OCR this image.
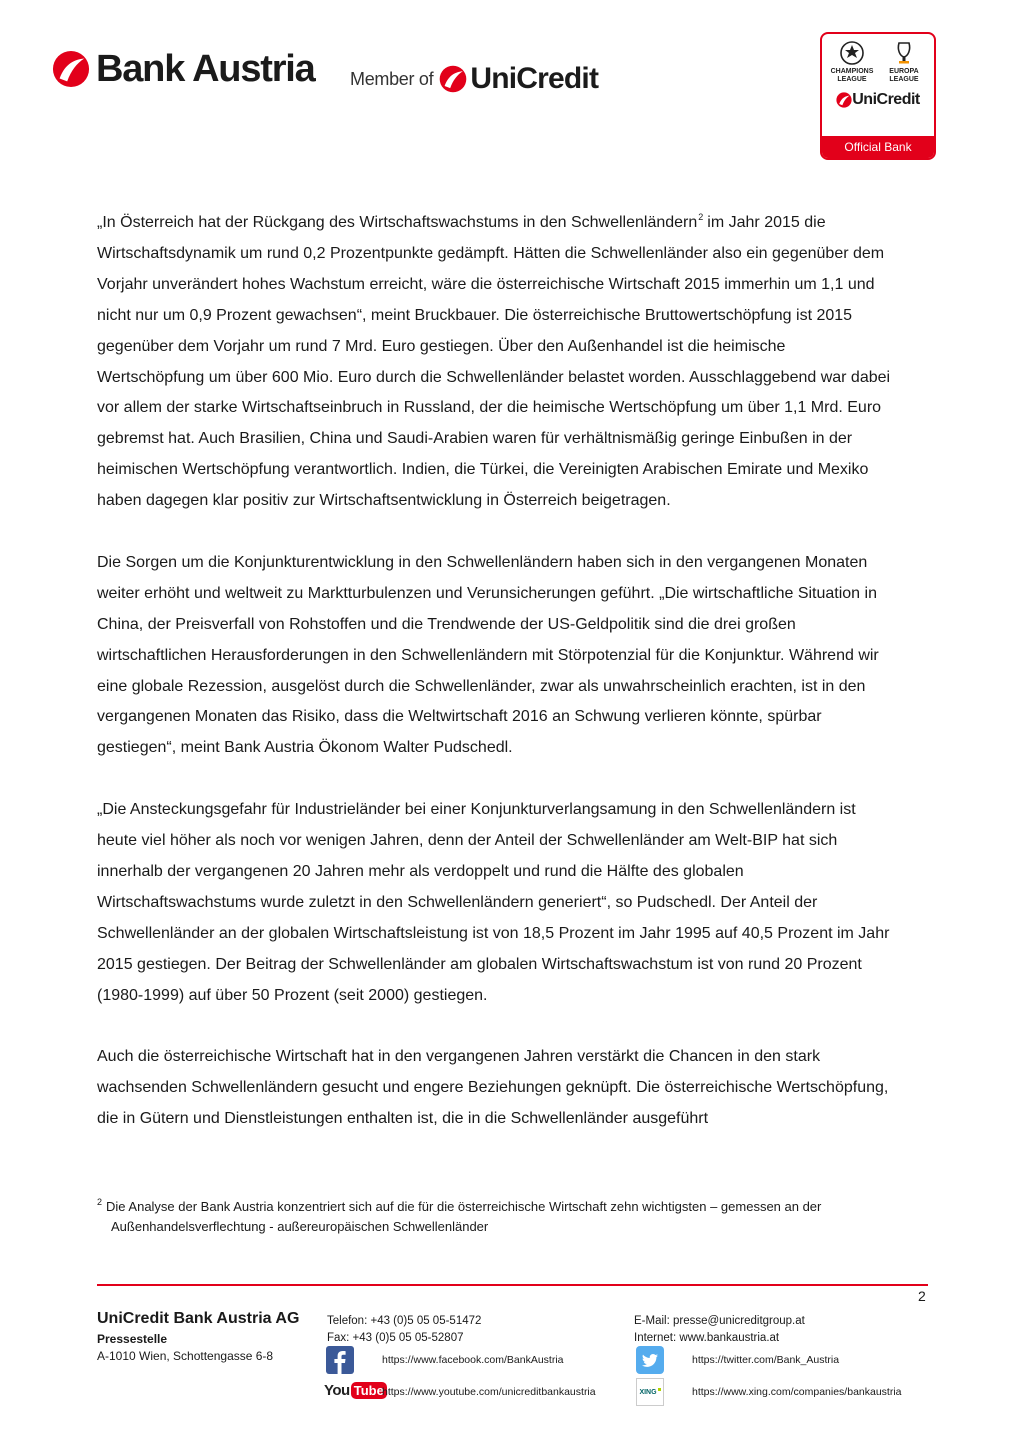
Bank Austria Member of UniCredit	CHAMPIONS
LEAGUE
EUROPA
LEAGUE
UniCredit
Official Bank

„In Österreich hat der Rückgang des Wirtschaftswachstums in den Schwellenländern$^2$ im Jahr 2015 die Wirtschaftsdynamik um rund 0,2 Prozentpunkte gedämpft. Hätten die Schwellenländer also ein gegenüber dem Vorjahr unverändert hohes Wachstum erreicht, wäre die österreichische Wirtschaft 2015 immerhin um 1,1 und nicht nur um 0,9 Prozent gewachsen“, meint Bruckbauer. Die österreichische Bruttowertschöpfung ist 2015 gegenüber dem Vorjahr um rund 7 Mrd. Euro gestiegen. Über den Außenhandel ist die heimische Wertschöpfung um über 600 Mio. Euro durch die Schwellenländer belastet worden. Ausschlaggebend war dabei vor allem der starke Wirtschaftseinbruch in Russland, der die heimische Wertschöpfung um über 1,1 Mrd. Euro gebremst hat. Auch Brasilien, China und Saudi-Arabien waren für verhältnismäßig geringe Einbußen in der heimischen Wertschöpfung verantwortlich. Indien, die Türkei, die Vereinigten Arabischen Emirate und Mexiko haben dagegen klar positiv zur Wirtschaftsentwicklung in Österreich beigetragen.

Die Sorgen um die Konjunkturentwicklung in den Schwellenländern haben sich in den vergangenen Monaten weiter erhöht und weltweit zu Marktturbulenzen und Verunsicherungen geführt. „Die wirtschaftliche Situation in China, der Preisverfall von Rohstoffen und die Trendwende der US-Geldpolitik sind die drei großen wirtschaftlichen Herausforderungen in den Schwellenländern mit Störpotenzial für die Konjunktur. Während wir eine globale Rezession, ausgelöst durch die Schwellenländer, zwar als unwahrscheinlich erachten, ist in den vergangenen Monaten das Risiko, dass die Weltwirtschaft 2016 an Schwung verlieren könnte, spürbar gestiegen“, meint Bank Austria Ökonom Walter Pudschedl.

„Die Ansteckungsgefahr für Industrieländer bei einer Konjunkturverlangsamung in den Schwellenländern ist heute viel höher als noch vor wenigen Jahren, denn der Anteil der Schwellenländer am Welt-BIP hat sich innerhalb der vergangenen 20 Jahren mehr als verdoppelt und rund die Hälfte des globalen Wirtschaftswachstums wurde zuletzt in den Schwellenländern generiert“, so Pudschedl. Der Anteil der Schwellenländer an der globalen Wirtschaftsleistung ist von 18,5 Prozent im Jahr 1995 auf 40,5 Prozent im Jahr 2015 gestiegen. Der Beitrag der Schwellenländer am globalen Wirtschaftswachstum ist von rund 20 Prozent (1980-1999) auf über 50 Prozent (seit 2000) gestiegen.

Auch die österreichische Wirtschaft hat in den vergangenen Jahren verstärkt die Chancen in den stark wachsenden Schwellenländern gesucht und engere Beziehungen geknüpft. Die österreichische Wertschöpfung, die in Gütern und Dienstleistungen enthalten ist, die in die Schwellenländer ausgeführt

$^2$ Die Analyse der Bank Austria konzentriert sich auf die für die österreichische Wirtschaft zehn wichtigsten – gemessen an der
Außenhandelsverflechtung - außereuropäischen Schwellenländer
2
UniCredit Bank Austria AG
Pressestelle
A-1010 Wien, Schottengasse 6-8
Telefon: +43 (0)5 05 05-51472
Fax: +43 (0)5 05 05-52807
E-Mail: presse@unicreditgroup.at
Internet: www.bankaustria.at
https://www.facebook.com/BankAustria	https://twitter.com/Bank_Austria
You Tube
https://www.youtube.com/unicreditbankaustria	XING	https://www.xing.com/companies/bankaustria
